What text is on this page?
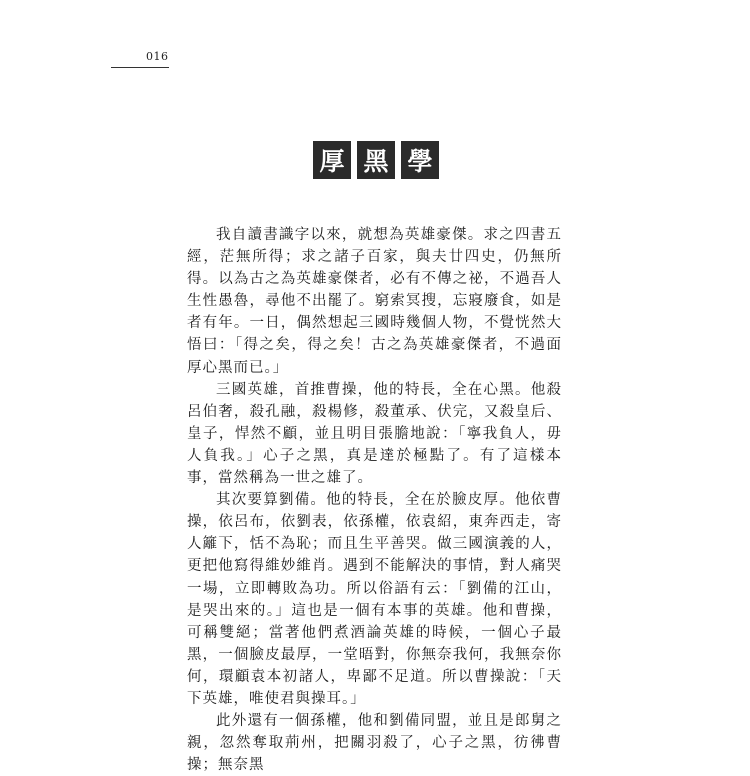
016
厚 黑 學

我自讀書識字以來，就想為英雄豪傑。求之四書五經，茫無所得；求之諸子百家，與夫廿四史，仍無所得。以為古之為英雄豪傑者，必有不傳之祕，不過吾人生性愚魯，尋他不出罷了。窮索冥搜，忘寢廢食，如是者有年。一日，偶然想起三國時幾個人物，不覺恍然大悟曰：「得之矣，得之矣！古之為英雄豪傑者，不過面厚心黑而已。」

三國英雄，首推曹操，他的特長，全在心黑。他殺呂伯奢，殺孔融，殺楊修，殺董承、伏完，又殺皇后、皇子，悍然不顧，並且明目張膽地說：「寧我負人，毋人負我。」心子之黑，真是達於極點了。有了這樣本事，當然稱為一世之雄了。

其次要算劉備。他的特長，全在於臉皮厚。他依曹操，依呂布，依劉表，依孫權，依袁紹，東奔西走，寄人籬下，恬不為恥；而且生平善哭。做三國演義的人，更把他寫得維妙維肖。遇到不能解決的事情，對人痛哭一場，立即轉敗為功。所以俗語有云：「劉備的江山，是哭出來的。」這也是一個有本事的英雄。他和曹操，可稱雙絕；當著他們煮酒論英雄的時候，一個心子最黑，一個臉皮最厚，一堂晤對，你無奈我何，我無奈你何，環顧袁本初諸人，卑鄙不足道。所以曹操說：「天下英雄，唯使君與操耳。」

此外還有一個孫權，他和劉備同盟，並且是郎舅之親，忽然奪取荊州，把關羽殺了，心子之黑，彷彿曹操；無奈黑
